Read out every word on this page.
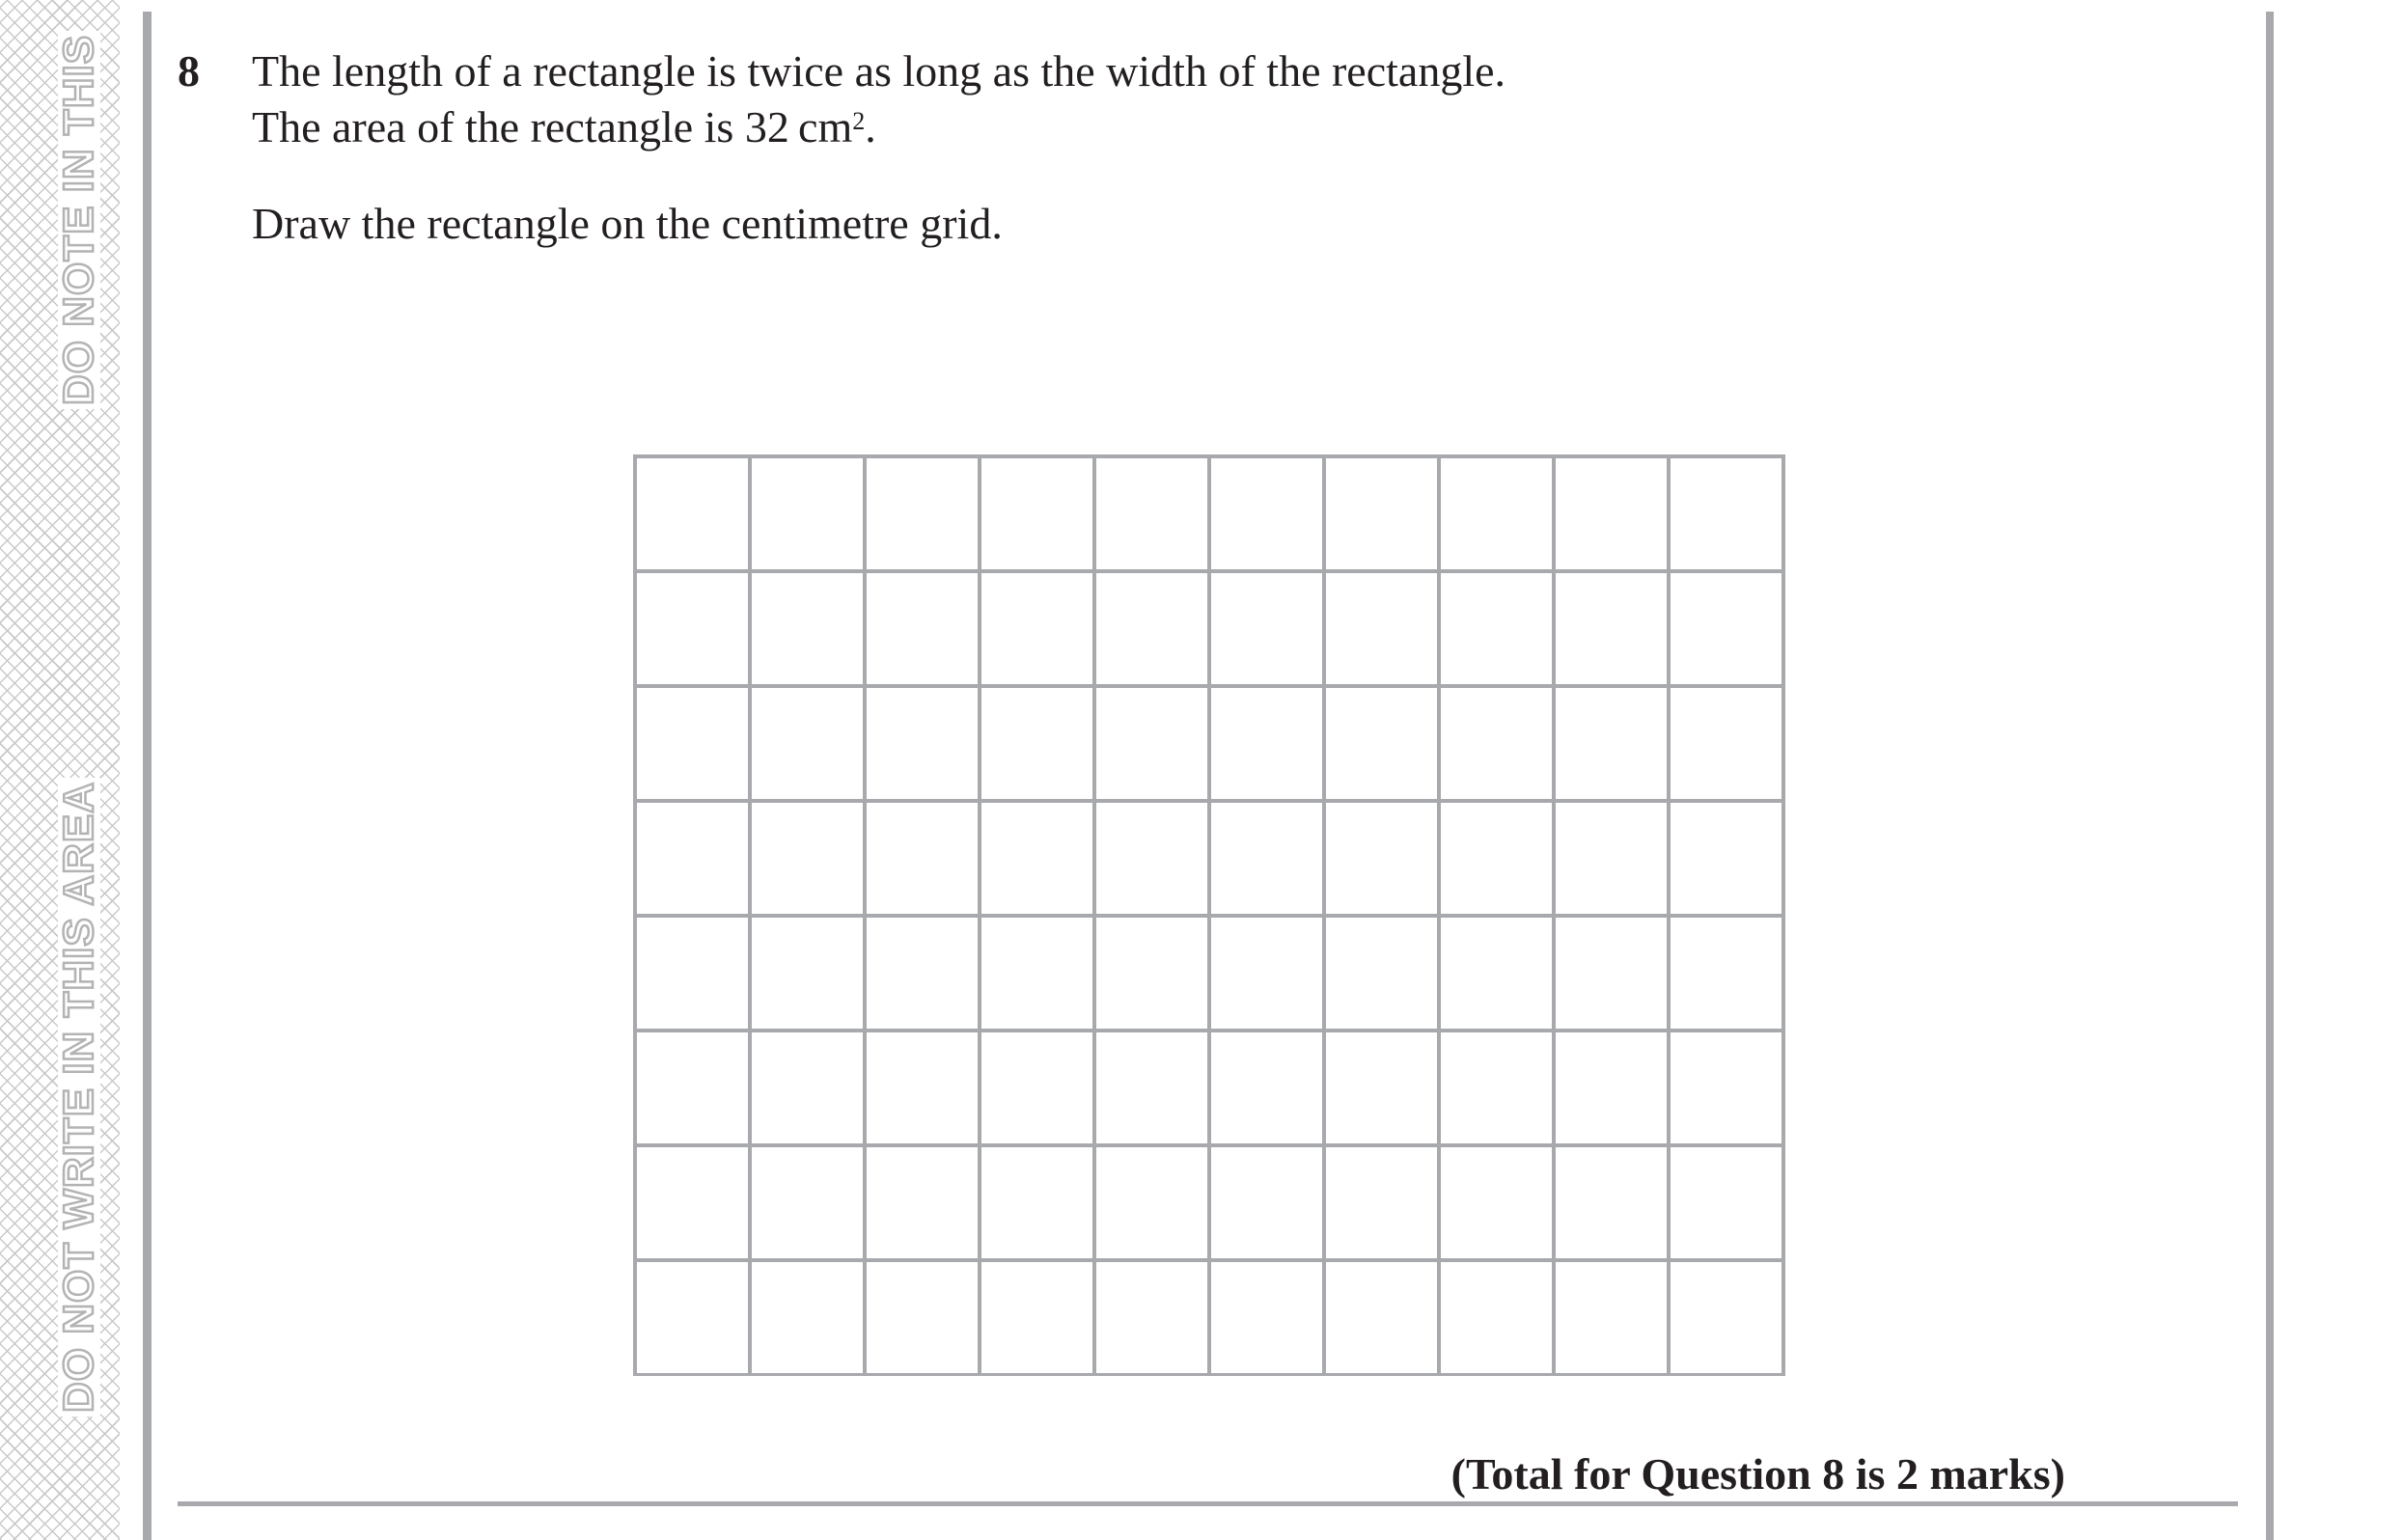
DO NOTE IN THIS
DO NOT WRITE IN THIS AREA
8 The length of a rectangle is twice as long as the width of the rectangle.
The area of the rectangle is 32 $cm^2$.
Draw the rectangle on the centimetre grid.
(Total for Question 8 is 2 marks)
